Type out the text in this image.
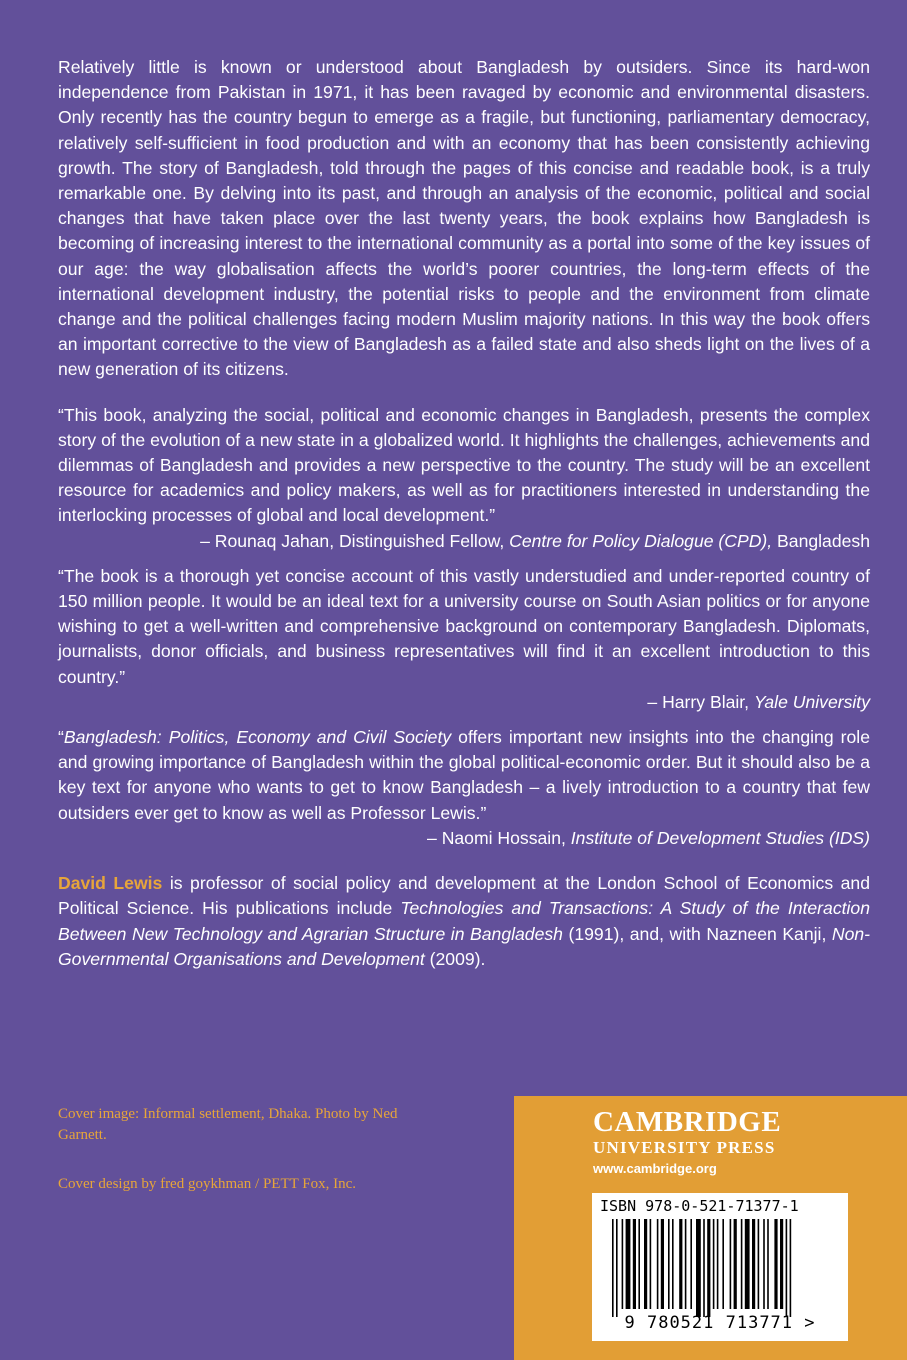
Relatively little is known or understood about Bangladesh by outsiders. Since its hard-won independence from Pakistan in 1971, it has been ravaged by economic and environmental disasters. Only recently has the country begun to emerge as a fragile, but functioning, parliamentary democracy, relatively self-sufficient in food production and with an economy that has been consistently achieving growth. The story of Bangladesh, told through the pages of this concise and readable book, is a truly remarkable one. By delving into its past, and through an analysis of the economic, political and social changes that have taken place over the last twenty years, the book explains how Bangladesh is becoming of increasing interest to the international community as a portal into some of the key issues of our age: the way globalisation affects the world’s poorer countries, the long-term effects of the international development industry, the potential risks to people and the environment from climate change and the political challenges facing modern Muslim majority nations. In this way the book offers an important corrective to the view of Bangladesh as a failed state and also sheds light on the lives of a new generation of its citizens.

“This book, analyzing the social, political and economic changes in Bangladesh, presents the complex story of the evolution of a new state in a globalized world. It highlights the challenges, achievements and dilemmas of Bangladesh and provides a new perspective to the country. The study will be an excellent resource for academics and policy makers, as well as for practitioners interested in understanding the interlocking processes of global and local development.”

– Rounaq Jahan, Distinguished Fellow, Centre for Policy Dialogue (CPD), Bangladesh

“The book is a thorough yet concise account of this vastly understudied and under-reported country of 150 million people. It would be an ideal text for a university course on South Asian politics or for anyone wishing to get a well-written and comprehensive background on contemporary Bangladesh. Diplomats, journalists, donor officials, and business representatives will find it an excellent introduction to this country.”

– Harry Blair, Yale University

“Bangladesh: Politics, Economy and Civil Society offers important new insights into the changing role and growing importance of Bangladesh within the global political-economic order. But it should also be a key text for anyone who wants to get to know Bangladesh – a lively introduction to a country that few outsiders ever get to know as well as Professor Lewis.”

– Naomi Hossain, Institute of Development Studies (IDS)

David Lewis is professor of social policy and development at the London School of Economics and Political Science. His publications include Technologies and Transactions: A Study of the Interaction Between New Technology and Agrarian Structure in Bangladesh (1991), and, with Nazneen Kanji, Non-Governmental Organisations and Development (2009).

Cover image: Informal settlement, Dhaka. Photo by Ned Garnett.
Cover design by fred goykhman / PETT Fox, Inc.

CAMBRIDGE

UNIVERSITY PRESS

www.cambridge.org

ISBN 978-0-521-71377-1
9 780521 713771 >
